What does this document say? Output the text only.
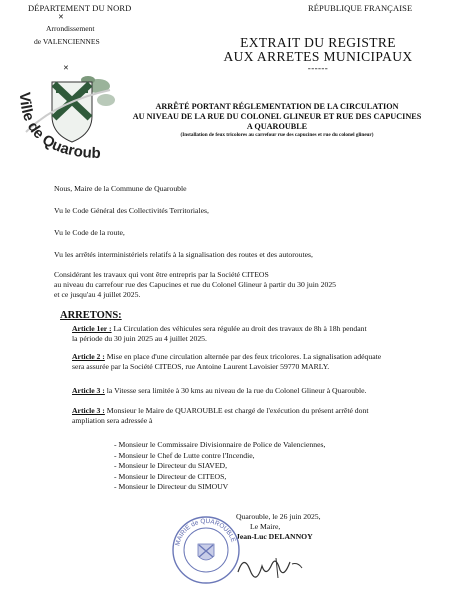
DÉPARTEMENT DU NORD
✕
Arrondissement
de VALENCIENNES
✕
RÉPUBLIQUE FRANÇAISE
Ville de Quaroub
EXTRAIT DU REGISTRE
AUX ARRETES MUNICIPAUX
------
ARRÊTÉ PORTANT RÉGLEMENTATION DE LA CIRCULATION
AU NIVEAU DE LA RUE DU COLONEL GLINEUR ET RUE DES CAPUCINES
A QUAROUBLE
(Installation de feux tricolores au carrefour rue des capucines et rue du colonel glineur)
Nous, Maire de la Commune de Quarouble
Vu le Code Général des Collectivités Territoriales,
Vu le Code de la route,
Vu les arrêtés interministériels relatifs à la signalisation des routes et des autoroutes,
Considérant les travaux qui vont être entrepris par la Société CITEOS
au niveau du carrefour rue des Capucines et rue du Colonel Glineur à partir du 30 juin 2025
et ce jusqu'au 4 juillet 2025.
ARRETONS:
Article 1er : La Circulation des véhicules sera régulée au droit des travaux de 8h à 18h pendant
la période du 30 juin 2025 au 4 juillet 2025.
Article 2 : Mise en place d'une circulation alternée par des feux tricolores. La signalisation adéquate
sera assurée par la Société CITEOS, rue Antoine Laurent Lavoisier 59770 MARLY.
Article 3 : la Vitesse sera limitée à 30 kms au niveau de la rue du Colonel Glineur à Quarouble.
Article 3 : Monsieur le Maire de QUAROUBLE est chargé de l'exécution du présent arrêté dont
ampliation sera adressée à
- Monsieur le Commissaire Divisionnaire de Police de Valenciennes,
- Monsieur le Chef de Lutte contre l'Incendie,
- Monsieur le Directeur du SIAVED,
- Monsieur le Directeur de CITEOS,
- Monsieur le Directeur du SIMOUV
Quarouble, le 26 juin 2025,
Le Maire,
Jean-Luc DELANNOY
MAIRIE de QUAROUBLE
